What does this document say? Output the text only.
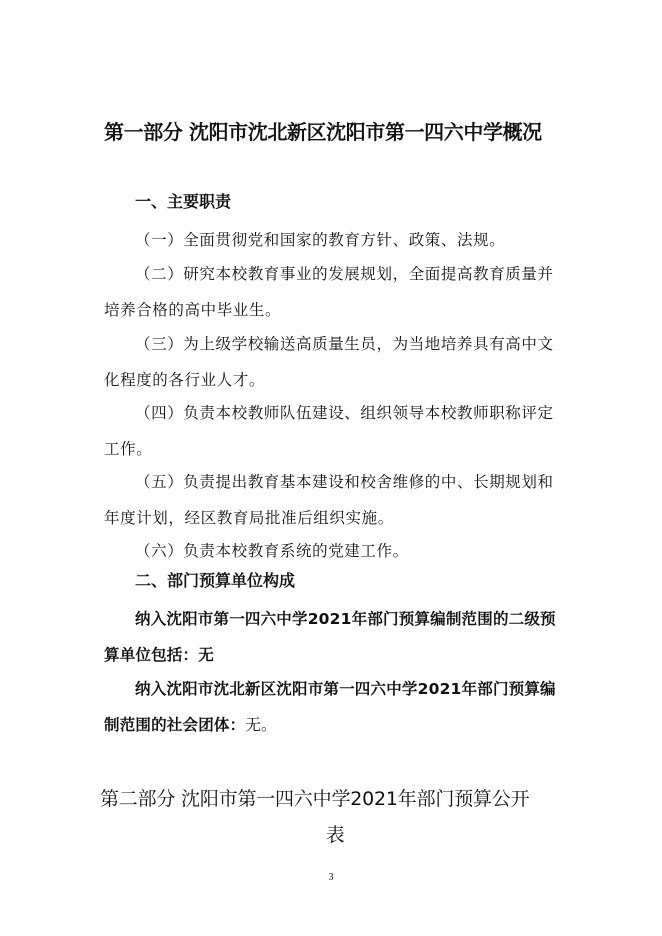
第一部分 沈阳市沈北新区沈阳市第一四六中学概况
一、主要职责
（一）全面贯彻党和国家的教育方针、政策、法规。
（二）研究本校教育事业的发展规划，全面提高教育质量并培养合格的高中毕业生。
（三）为上级学校输送高质量生员，为当地培养具有高中文化程度的各行业人才。
（四）负责本校教师队伍建设、组织领导本校教师职称评定工作。
（五）负责提出教育基本建设和校舍维修的中、长期规划和年度计划，经区教育局批准后组织实施。
（六）负责本校教育系统的党建工作。
二、部门预算单位构成
纳入沈阳市第一四六中学2021年部门预算编制范围的二级预算单位包括：无
纳入沈阳市沈北新区沈阳市第一四六中学2021年部门预算编制范围的社会团体：无。
第二部分 沈阳市第一四六中学2021年部门预算公开
表
3
